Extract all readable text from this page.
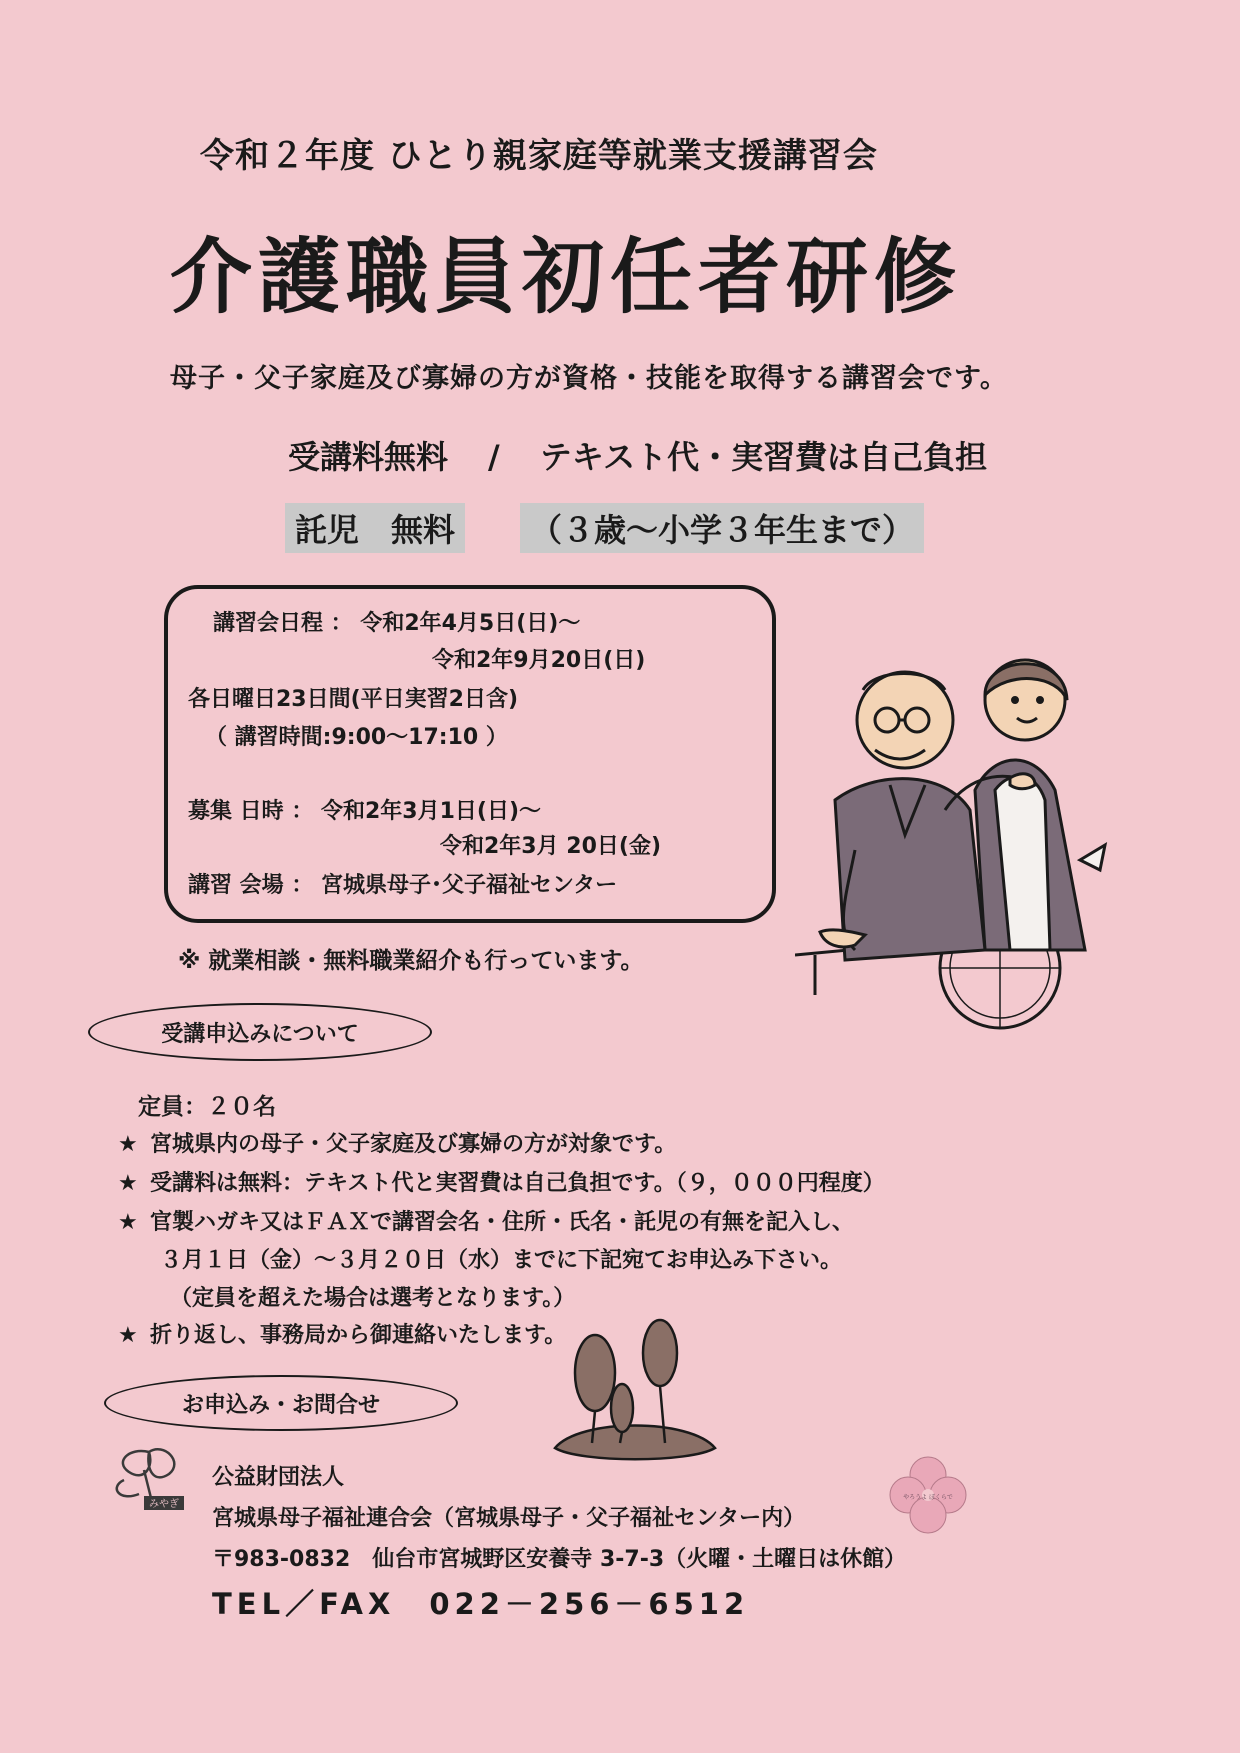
令和２年度 ひとり親家庭等就業支援講習会
介護職員初任者研修
母子・父子家庭及び寡婦の方が資格・技能を取得する講習会です。
受講料無料 / テキスト代・実習費は自己負担
託児　無料	（３歳～小学３年生まで）
講習会日程 ： 令和2年4月5日(日)～
令和2年9月20日(日)
各日曜日23日間(平日実習2日含)
（ 講習時間:9:00～17:10 ）
募集 日時 ： 令和2年3月1日(日)～
令和2年3月 20日(金)
講習 会場 ： 宮城県母子･父子福祉センター
※ 就業相談・無料職業紹介も行っています。
受講申込みについて
定員：２０名
★ 宮城県内の母子・父子家庭及び寡婦の方が対象です。
★ 受講料は無料：テキスト代と実習費は自己負担です。（９，０００円程度）
★ 官製ハガキ又はＦＡＸで講習会名・住所・氏名・託児の有無を記入し、
３月１日（金）～３月２０日（水）までに下記宛てお申込み下さい。
（定員を超えた場合は選考となります。）
★ 折り返し、事務局から御連絡いたします。
お申込み・お問合せ
みやぎ
公益財団法人
宮城県母子福祉連合会（宮城県母子・父子福祉センター内）
〒983-0832　仙台市宮城野区安養寺 3-7-3（火曜・土曜日は休館）
TEL／FAX　022－256－6512
やろうよ ぼくらで
